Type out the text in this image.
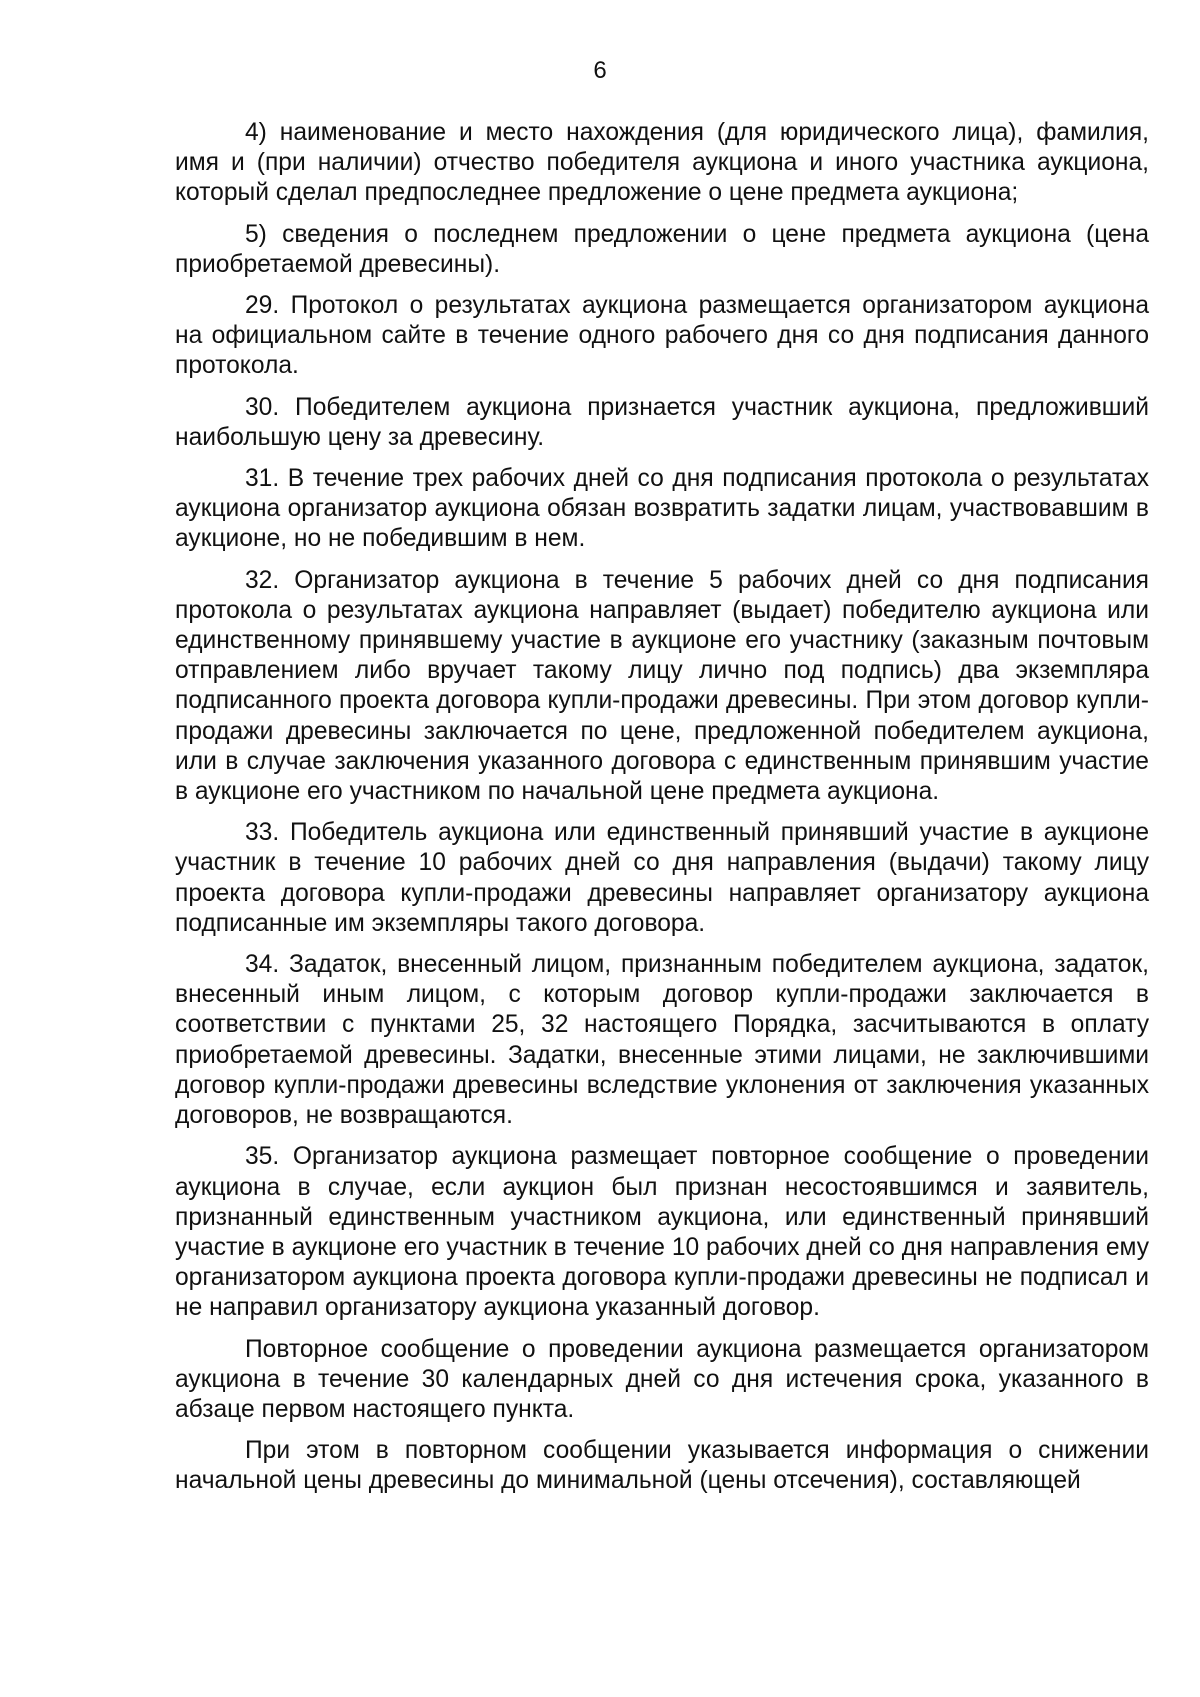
6

4) наименование и место нахождения (для юридического лица), фамилия, имя и (при наличии) отчество победителя аукциона и иного участника аукциона, который сделал предпоследнее предложение о цене предмета аукциона;

5) сведения о последнем предложении о цене предмета аукциона (цена приобретаемой древесины).

29. Протокол о результатах аукциона размещается организатором аукциона на официальном сайте в течение одного рабочего дня со дня подписания данного протокола.

30. Победителем аукциона признается участник аукциона, предложивший наибольшую цену за древесину.

31. В течение трех рабочих дней со дня подписания протокола о результатах аукциона организатор аукциона обязан возвратить задатки лицам, участвовавшим в аукционе, но не победившим в нем.

32. Организатор аукциона в течение 5 рабочих дней со дня подписания протокола о результатах аукциона направляет (выдает) победителю аукциона или единственному принявшему участие в аукционе его участнику (заказным почтовым отправлением либо вручает такому лицу лично под подпись) два экземпляра подписанного проекта договора купли-продажи древесины. При этом договор купли-продажи древесины заключается по цене, предложенной победителем аукциона, или в случае заключения указанного договора с единственным принявшим участие в аукционе его участником по начальной цене предмета аукциона.

33. Победитель аукциона или единственный принявший участие в аукционе участник в течение 10 рабочих дней со дня направления (выдачи) такому лицу проекта договора купли-продажи древесины направляет организатору аукциона подписанные им экземпляры такого договора.

34. Задаток, внесенный лицом, признанным победителем аукциона, задаток, внесенный иным лицом, с которым договор купли-продажи заключается в соответствии с пунктами 25, 32 настоящего Порядка, засчитываются в оплату приобретаемой древесины. Задатки, внесенные этими лицами, не заключившими договор купли-продажи древесины вследствие уклонения от заключения указанных договоров, не возвращаются.

35. Организатор аукциона размещает повторное сообщение о проведении аукциона в случае, если аукцион был признан несостоявшимся и заявитель, признанный единственным участником аукциона, или единственный принявший участие в аукционе его участник в течение 10 рабочих дней со дня направления ему организатором аукциона проекта договора купли-продажи древесины не подписал и не направил организатору аукциона указанный договор.

Повторное сообщение о проведении аукциона размещается организатором аукциона в течение 30 календарных дней со дня истечения срока, указанного в абзаце первом настоящего пункта.

При этом в повторном сообщении указывается информация о снижении начальной цены древесины до минимальной (цены отсечения), составляющей
